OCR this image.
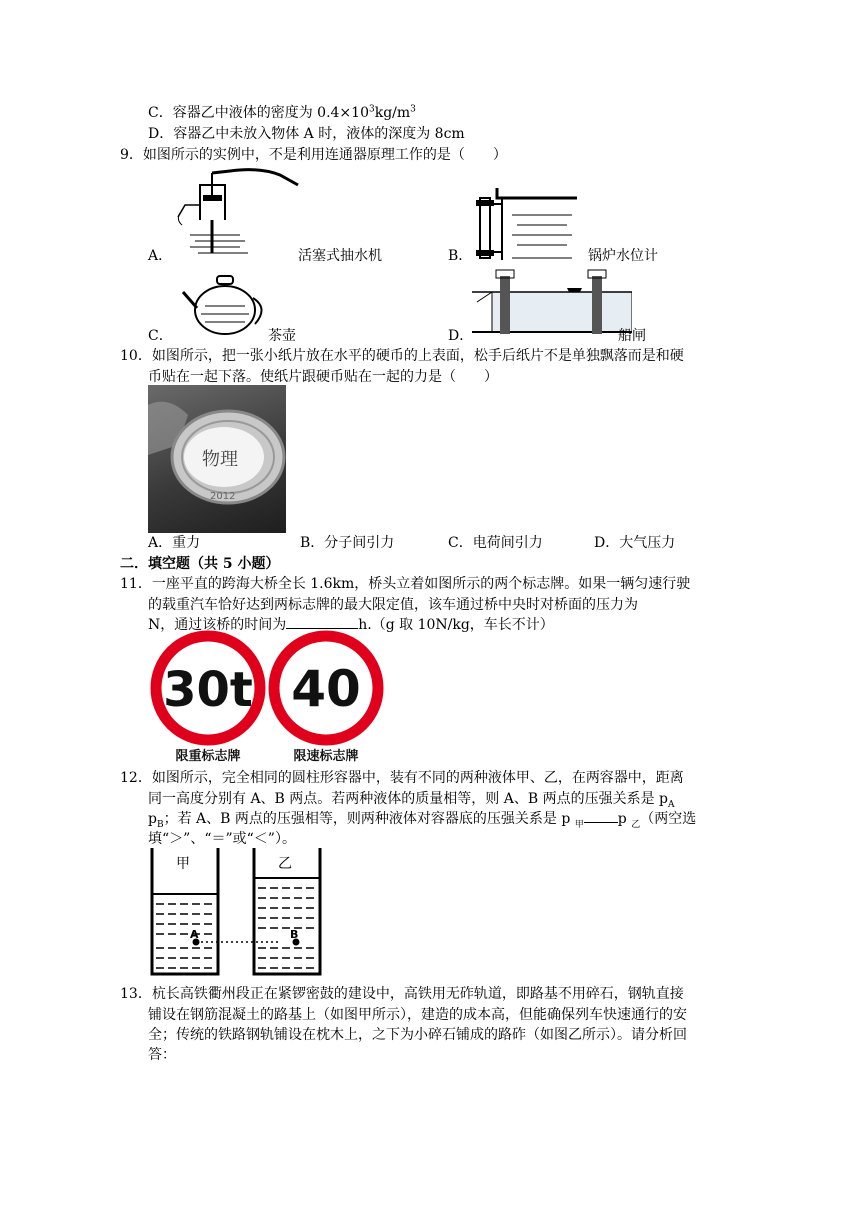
C．容器乙中液体的密度为 $0.4\times 10^3kg/m^3$
D．容器乙中未放入物体 A 时，液体的深度为 8cm
9．如图所示的实例中，不是利用连通器原理工作的是（　　）
A．	活塞式抽水机	B．	锅炉水位计
C．	茶壶	D．	船闸
10．如图所示，把一张小纸片放在水平的硬币的上表面，松手后纸片不是单独飘落而是和硬
币贴在一起下落。使纸片跟硬币贴在一起的力是（　　）
物理
2012
A．重力	B．分子间引力	C．电荷间引力	D．大气压力
二．填空题（共 5 小题）
11．一座平直的跨海大桥全长 1.6km，桥头立着如图所示的两个标志牌。如果一辆匀速行驶
的载重汽车恰好达到两标志牌的最大限定值，该车通过桥中央时对桥面的压力为
N，通过该桥的时间为	h.（g 取 10N/kg，车长不计）
30t 40
限重标志牌	限速标志牌
12．如图所示，完全相同的圆柱形容器中，装有不同的两种液体甲、乙，在两容器中，距离
同一高度分别有 A、B 两点。若两种液体的质量相等，则 A、B 两点的压强关系是 $p_A$
$p_B$；若 A、B 两点的压强相等，则两种液体对容器底的压强关系是 p $_甲$ p $_乙$（两空选
填“＞”、“＝”或“＜”）。
甲	乙
A	B
13．杭长高铁衢州段正在紧锣密鼓的建设中，高铁用无砟轨道，即路基不用碎石，钢轨直接
铺设在钢筋混凝土的路基上（如图甲所示），建造的成本高，但能确保列车快速通行的安
全；传统的铁路钢轨铺设在枕木上，之下为小碎石铺成的路砟（如图乙所示）。请分析回
答：
